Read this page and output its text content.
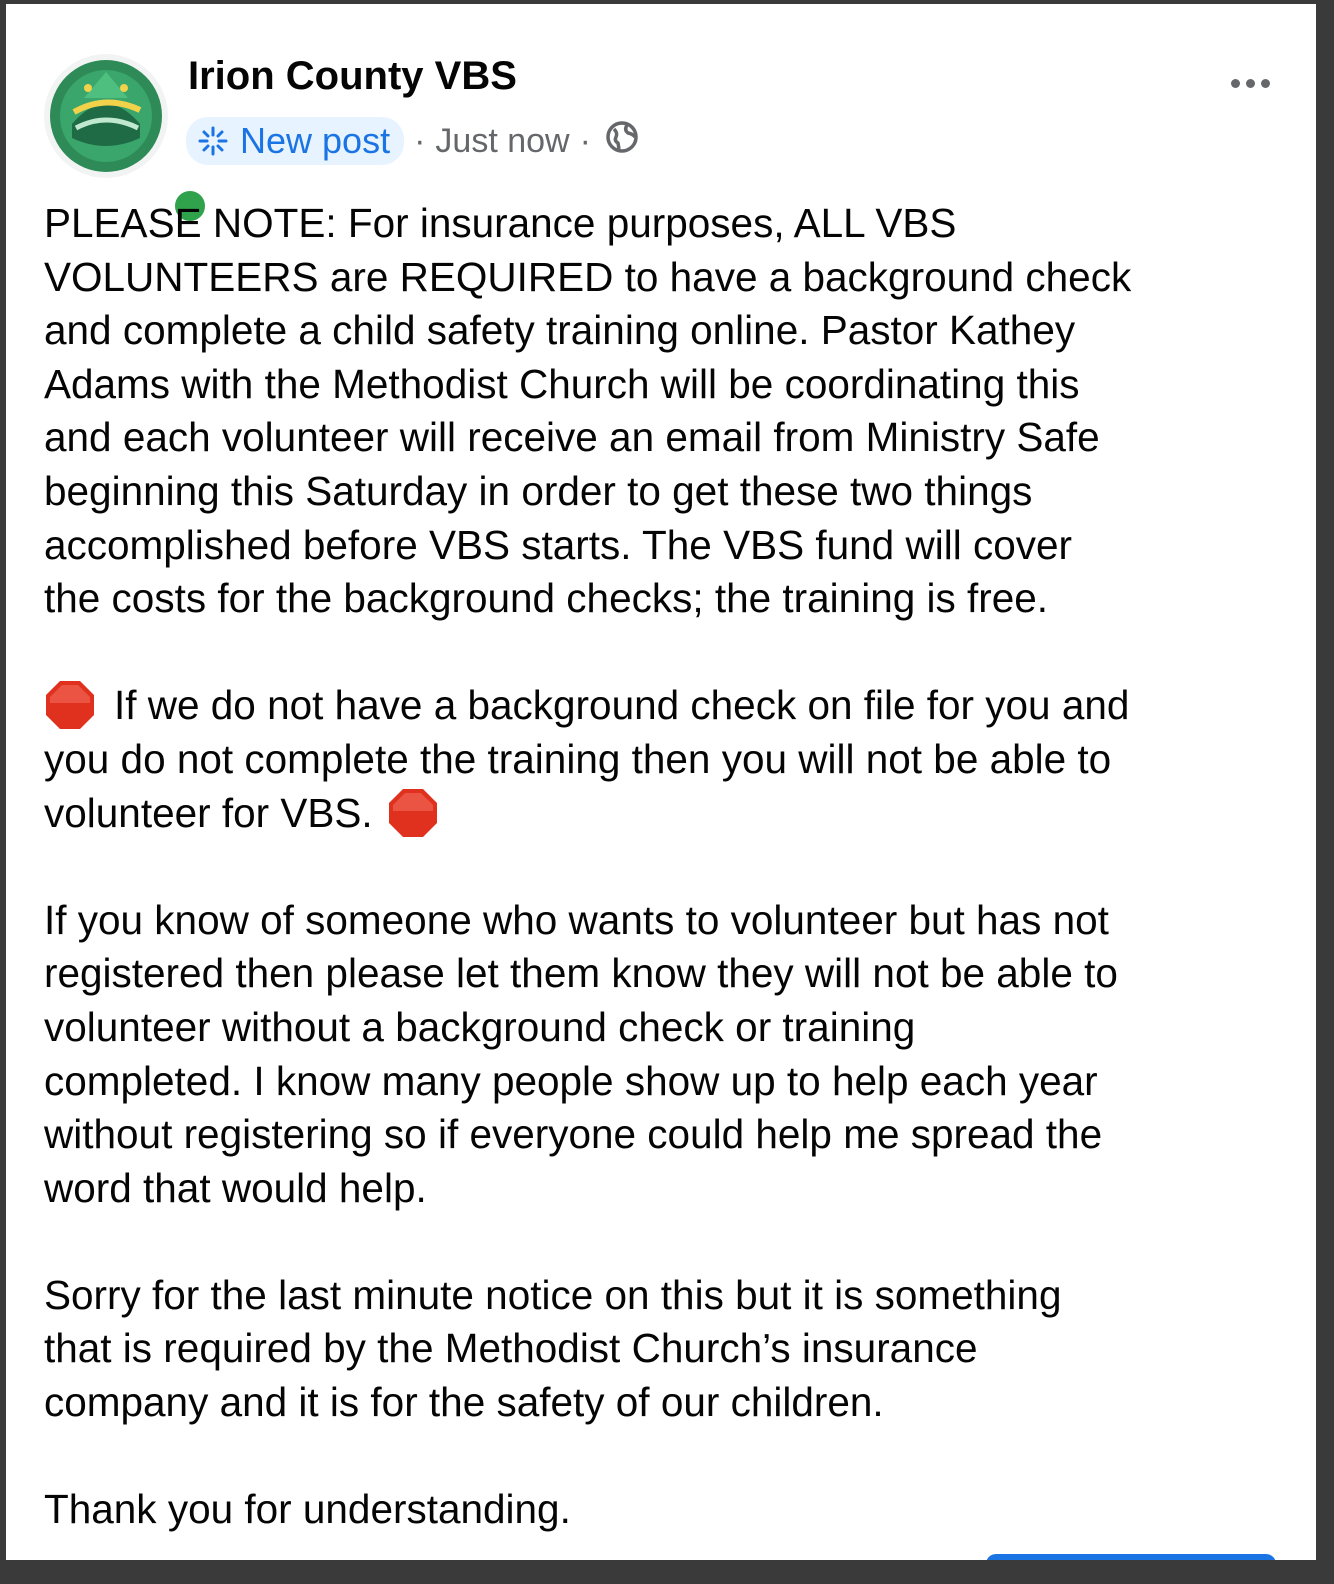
Irion County VBS
New post · Just now ·
PLEASE NOTE: For insurance purposes, ALL VBS
VOLUNTEERS are REQUIRED to have a background check
and complete a child safety training online. Pastor Kathey
Adams with the Methodist Church will be coordinating this
and each volunteer will receive an email from Ministry Safe
beginning this Saturday in order to get these two things
accomplished before VBS starts. The VBS fund will cover
the costs for the background checks; the training is free.
If we do not have a background check on file for you and
you do not complete the training then you will not be able to
volunteer for VBS.
If you know of someone who wants to volunteer but has not
registered then please let them know they will not be able to
volunteer without a background check or training
completed. I know many people show up to help each year
without registering so if everyone could help me spread the
word that would help.
Sorry for the last minute notice on this but it is something
that is required by the Methodist Church’s insurance
company and it is for the safety of our children.
Thank you for understanding.
